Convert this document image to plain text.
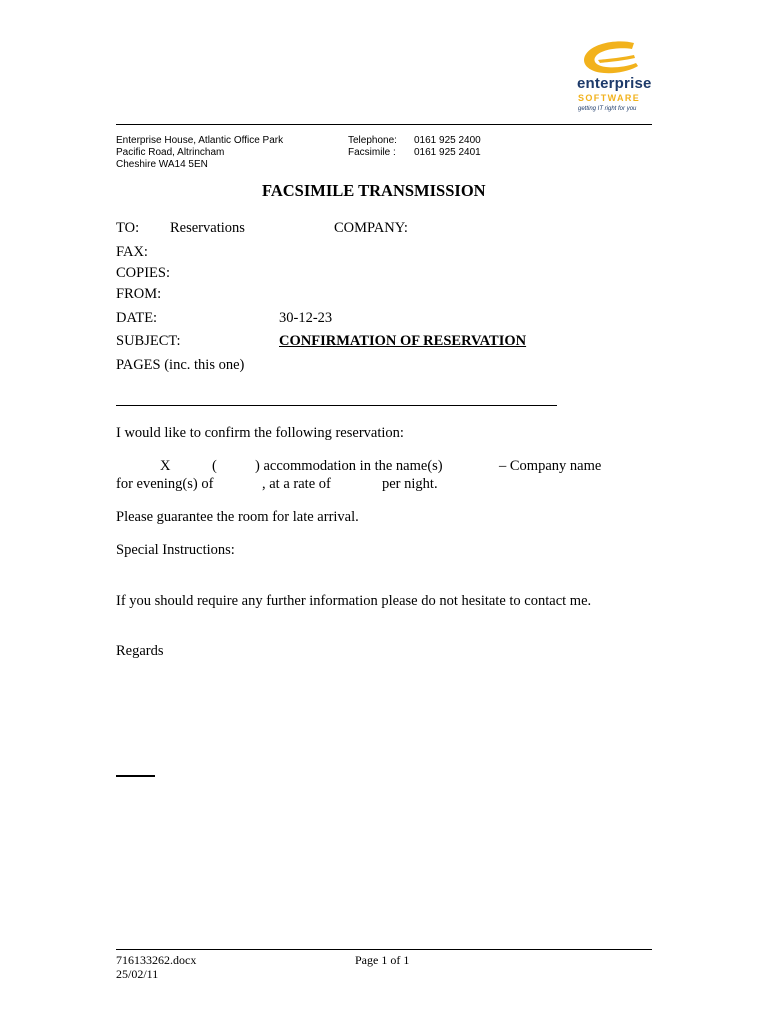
enterprise
SOFTWARE
getting IT right for you
Enterprise House, Atlantic Office Park
Pacific Road, Altrincham
Cheshire WA14 5EN
Telephone: 0161 925 2400
Facsimile : 0161 925 2401
FACSIMILE TRANSMISSION
TO: Reservations	COMPANY:
FAX:
COPIES:
FROM:
DATE:	30-12-23
SUBJECT:	CONFIRMATION OF RESERVATION
PAGES (inc. this one)
I would like to confirm the following reservation:
X	(	) accommodation in the name(s)	– Company name
for evening(s) of	, at a rate of	per night.
Please guarantee the room for late arrival.
Special Instructions:
If you should require any further information please do not hesitate to contact me.
Regards
716133262.docx
25/02/11
Page 1 of 1
